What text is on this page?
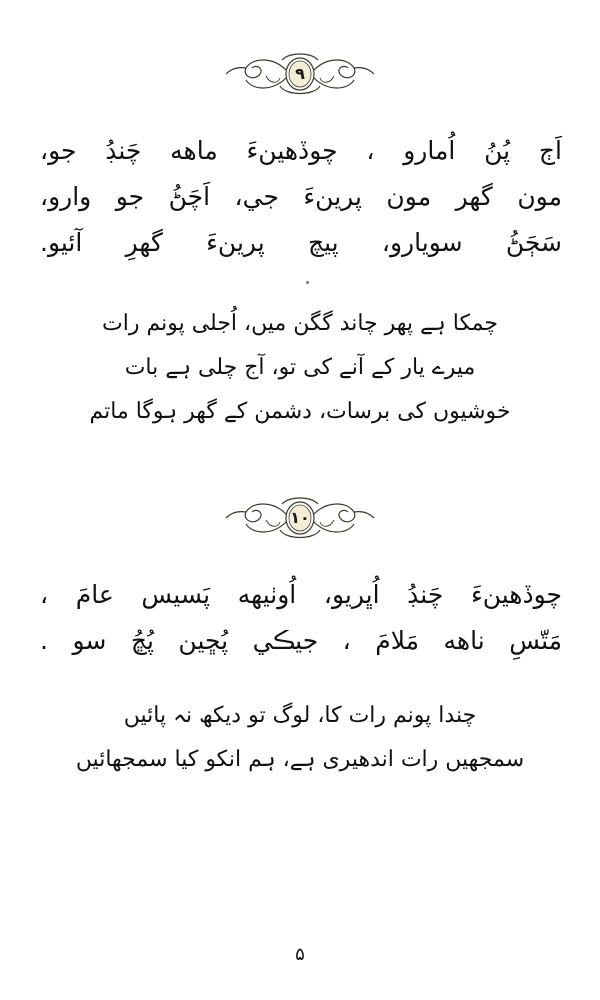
۹
اَڄ پُنُ اُمارو ، چوڏهينءَ ماهه چَنڊُ جو،
مون گهر مون پرينءَ جي، اَچَڻُ جو وارو،
سَڄَڻُ سويارو، پيچ پرينءَ گهرِ آئيو.
چمکا ہے پھر چاند گگن میں، اُجلی پونم رات
میرے یار کے آنے کی تو، آج چلی ہے بات
خوشیوں کی برسات، دشمن کے گھر ہوگا ماتم
۱۰
چوڏهينءَ چَنڊُ اُڀريو، اُوٺيهه پَسيس عامَ ،
مَتّسِ ناهه مَلامَ ، جيڪي پُڇين پُڇُ سو .
چندا پونم رات کا، لوگ تو دیکھ نہ پائیں
سمجھیں رات اندھیری ہے، ہم انکو کیا سمجھائیں
۵
